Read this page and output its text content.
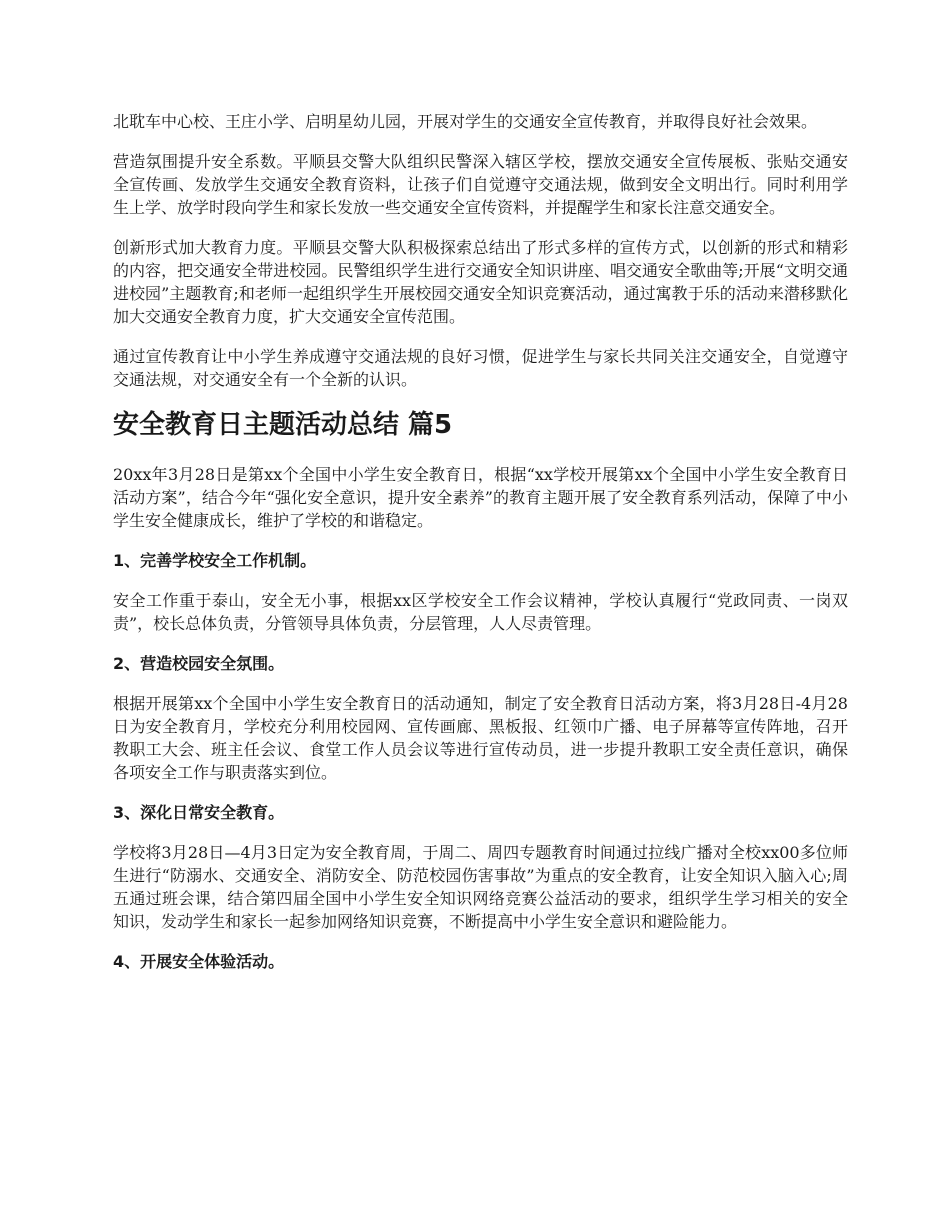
北耽车中心校、王庄小学、启明星幼儿园，开展对学生的交通安全宣传教育，并取得良好社会效果。

营造氛围提升安全系数。平顺县交警大队组织民警深入辖区学校，摆放交通安全宣传展板、张贴交通安全宣传画、发放学生交通安全教育资料，让孩子们自觉遵守交通法规，做到安全文明出行。同时利用学生上学、放学时段向学生和家长发放一些交通安全宣传资料，并提醒学生和家长注意交通安全。

创新形式加大教育力度。平顺县交警大队积极探索总结出了形式多样的宣传方式，以创新的形式和精彩的内容，把交通安全带进校园。民警组织学生进行交通安全知识讲座、唱交通安全歌曲等;开展“文明交通进校园”主题教育;和老师一起组织学生开展校园交通安全知识竞赛活动，通过寓教于乐的活动来潜移默化加大交通安全教育力度，扩大交通安全宣传范围。

通过宣传教育让中小学生养成遵守交通法规的良好习惯，促进学生与家长共同关注交通安全，自觉遵守交通法规，对交通安全有一个全新的认识。

安全教育日主题活动总结 篇5

20xx年3月28日是第xx个全国中小学生安全教育日，根据“xx学校开展第xx个全国中小学生安全教育日活动方案”，结合今年“强化安全意识，提升安全素养”的教育主题开展了安全教育系列活动，保障了中小学生安全健康成长，维护了学校的和谐稳定。

1、完善学校安全工作机制。

安全工作重于泰山，安全无小事，根据xx区学校安全工作会议精神，学校认真履行“党政同责、一岗双责”，校长总体负责，分管领导具体负责，分层管理，人人尽责管理。

2、营造校园安全氛围。

根据开展第xx个全国中小学生安全教育日的活动通知，制定了安全教育日活动方案，将3月28日-4月28日为安全教育月，学校充分利用校园网、宣传画廊、黑板报、红领巾广播、电子屏幕等宣传阵地，召开教职工大会、班主任会议、食堂工作人员会议等进行宣传动员，进一步提升教职工安全责任意识，确保各项安全工作与职责落实到位。

3、深化日常安全教育。

学校将3月28日—4月3日定为安全教育周，于周二、周四专题教育时间通过拉线广播对全校xx00多位师生进行“防溺水、交通安全、消防安全、防范校园伤害事故”为重点的安全教育，让安全知识入脑入心;周五通过班会课，结合第四届全国中小学生安全知识网络竞赛公益活动的要求，组织学生学习相关的安全知识，发动学生和家长一起参加网络知识竞赛，不断提高中小学生安全意识和避险能力。

4、开展安全体验活动。
